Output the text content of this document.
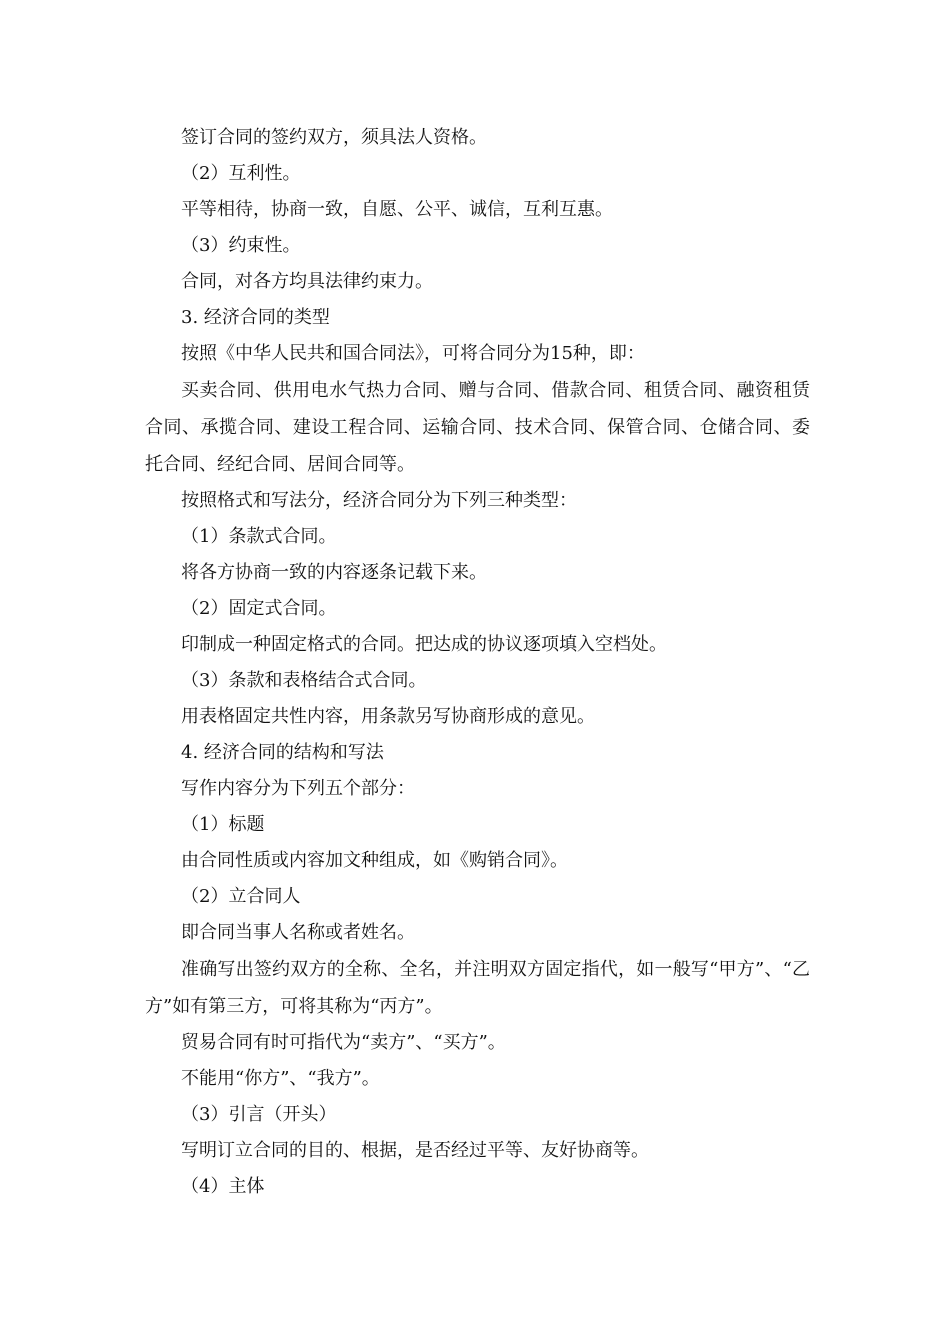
签订合同的签约双方，须具法人资格。

（2）互利性。

平等相待，协商一致，自愿、公平、诚信，互利互惠。

（3）约束性。

合同，对各方均具法律约束力。

3. 经济合同的类型

按照《中华人民共和国合同法》，可将合同分为15种，即：

买卖合同、供用电水气热力合同、赠与合同、借款合同、租赁合同、融资租赁合同、承揽合同、建设工程合同、运输合同、技术合同、保管合同、仓储合同、委托合同、经纪合同、居间合同等。

按照格式和写法分，经济合同分为下列三种类型：

（1）条款式合同。

将各方协商一致的内容逐条记载下来。

（2）固定式合同。

印制成一种固定格式的合同。把达成的协议逐项填入空档处。

（3）条款和表格结合式合同。

用表格固定共性内容，用条款另写协商形成的意见。

4. 经济合同的结构和写法

写作内容分为下列五个部分：

（1）标题

由合同性质或内容加文种组成，如《购销合同》。

（2）立合同人

即合同当事人名称或者姓名。

准确写出签约双方的全称、全名，并注明双方固定指代，如一般写“甲方”、“乙方”如有第三方，可将其称为“丙方”。

贸易合同有时可指代为“卖方”、“买方”。

不能用“你方”、“我方”。

（3）引言（开头）

写明订立合同的目的、根据，是否经过平等、友好协商等。

（4）主体
